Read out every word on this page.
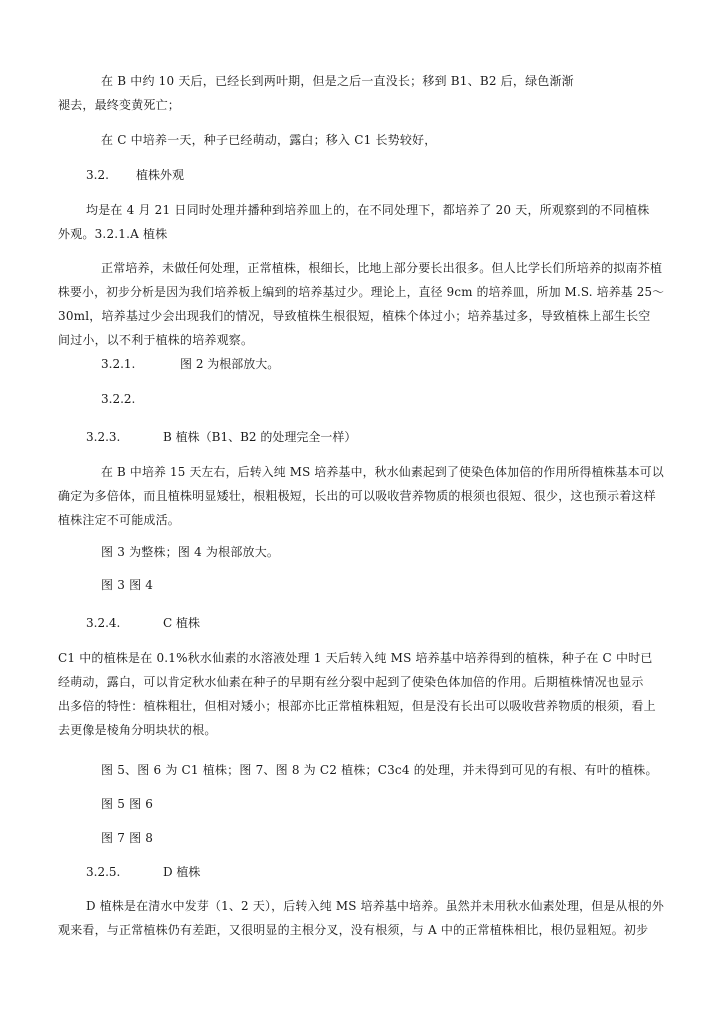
在 B 中约 10 天后，已经长到两叶期，但是之后一直没长；移到 B1、B2 后，绿色渐渐
褪去，最终变黄死亡；
在 C 中培养一天，种子已经萌动，露白；移入 C1 长势较好，
3.2. 植株外观
均是在 4 月 21 日同时处理并播种到培养皿上的，在不同处理下，都培养了 20 天，所观察到的不同植株
外观。3.2.1.A 植株
正常培养，未做任何处理，正常植株，根细长，比地上部分要长出很多。但人比学长们所培养的拟南芥植
株要小，初步分析是因为我们培养板上编到的培养基过少。理论上，直径 9cm 的培养皿，所加 M.S. 培养基 25～
30ml，培养基过少会出现我们的情况，导致植株生根很短，植株个体过小；培养基过多，导致植株上部生长空
间过小，以不利于植株的培养观察。
3.2.1.	图 2 为根部放大。
3.2.2.
3.2.3.	B 植株（B1、B2 的处理完全一样）
在 B 中培养 15 天左右，后转入纯 MS 培养基中，秋水仙素起到了使染色体加倍的作用所得植株基本可以
确定为多倍体，而且植株明显矮壮，根粗极短，长出的可以吸收营养物质的根须也很短、很少，这也预示着这样
植株注定不可能成活。
图 3 为整株；图 4 为根部放大。
图 3 图 4
3.2.4.	C 植株
C1 中的植株是在 0.1%秋水仙素的水溶液处理 1 天后转入纯 MS 培养基中培养得到的植株，种子在 C 中时已
经萌动，露白，可以肯定秋水仙素在种子的早期有丝分裂中起到了使染色体加倍的作用。后期植株情况也显示
出多倍的特性：植株粗壮，但相对矮小；根部亦比正常植株粗短，但是没有长出可以吸收营养物质的根须，看上
去更像是棱角分明块状的根。
图 5、图 6 为 C1 植株；图 7、图 8 为 C2 植株；C3c4 的处理，并未得到可见的有根、有叶的植株。
图 5 图 6
图 7 图 8
3.2.5.	D 植株
D 植株是在清水中发芽（1、2 天），后转入纯 MS 培养基中培养。虽然并未用秋水仙素处理，但是从根的外
观来看，与正常植株仍有差距，又很明显的主根分叉，没有根须，与 A 中的正常植株相比，根仍显粗短。初步
